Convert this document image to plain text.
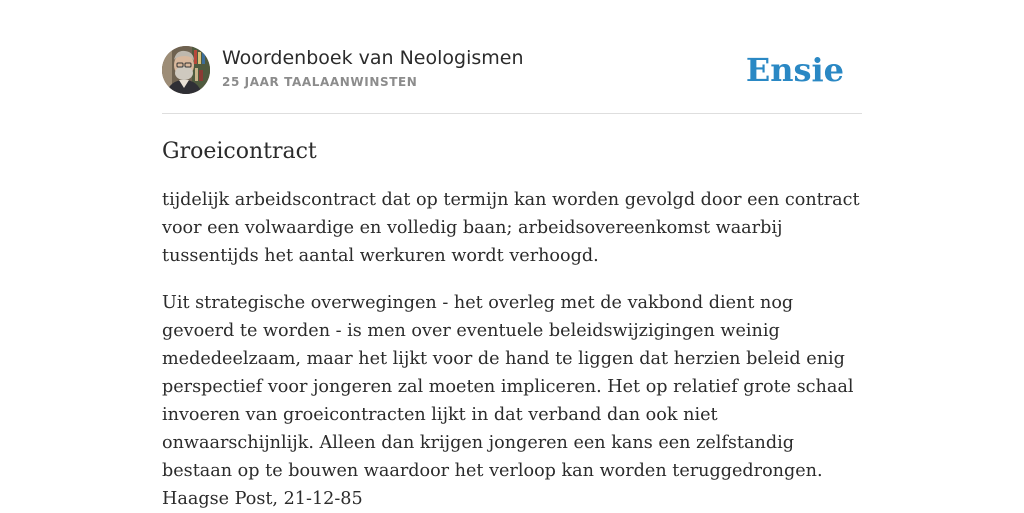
Woordenboek van Neologismen
25 JAAR TAALAANWINSTEN	Ensie
Groeicontract

tijdelijk arbeidscontract dat op termijn kan worden gevolgd door een contract voor een volwaardige en volledig baan; arbeidsovereenkomst waarbij tussentijds het aantal werkuren wordt verhoogd.

Uit strategische overwegingen - het overleg met de vakbond dient nog gevoerd te worden - is men over eventuele beleidswijzigingen weinig mededeelzaam, maar het lijkt voor de hand te liggen dat herzien beleid enig perspectief voor jongeren zal moeten impliceren. Het op relatief grote schaal invoeren van groeicontracten lijkt in dat verband dan ook niet onwaarschijnlijk. Alleen dan krijgen jongeren een kans een zelfstandig bestaan op te bouwen waardoor het verloop kan worden teruggedrongen. Haagse Post, 21-12-85
